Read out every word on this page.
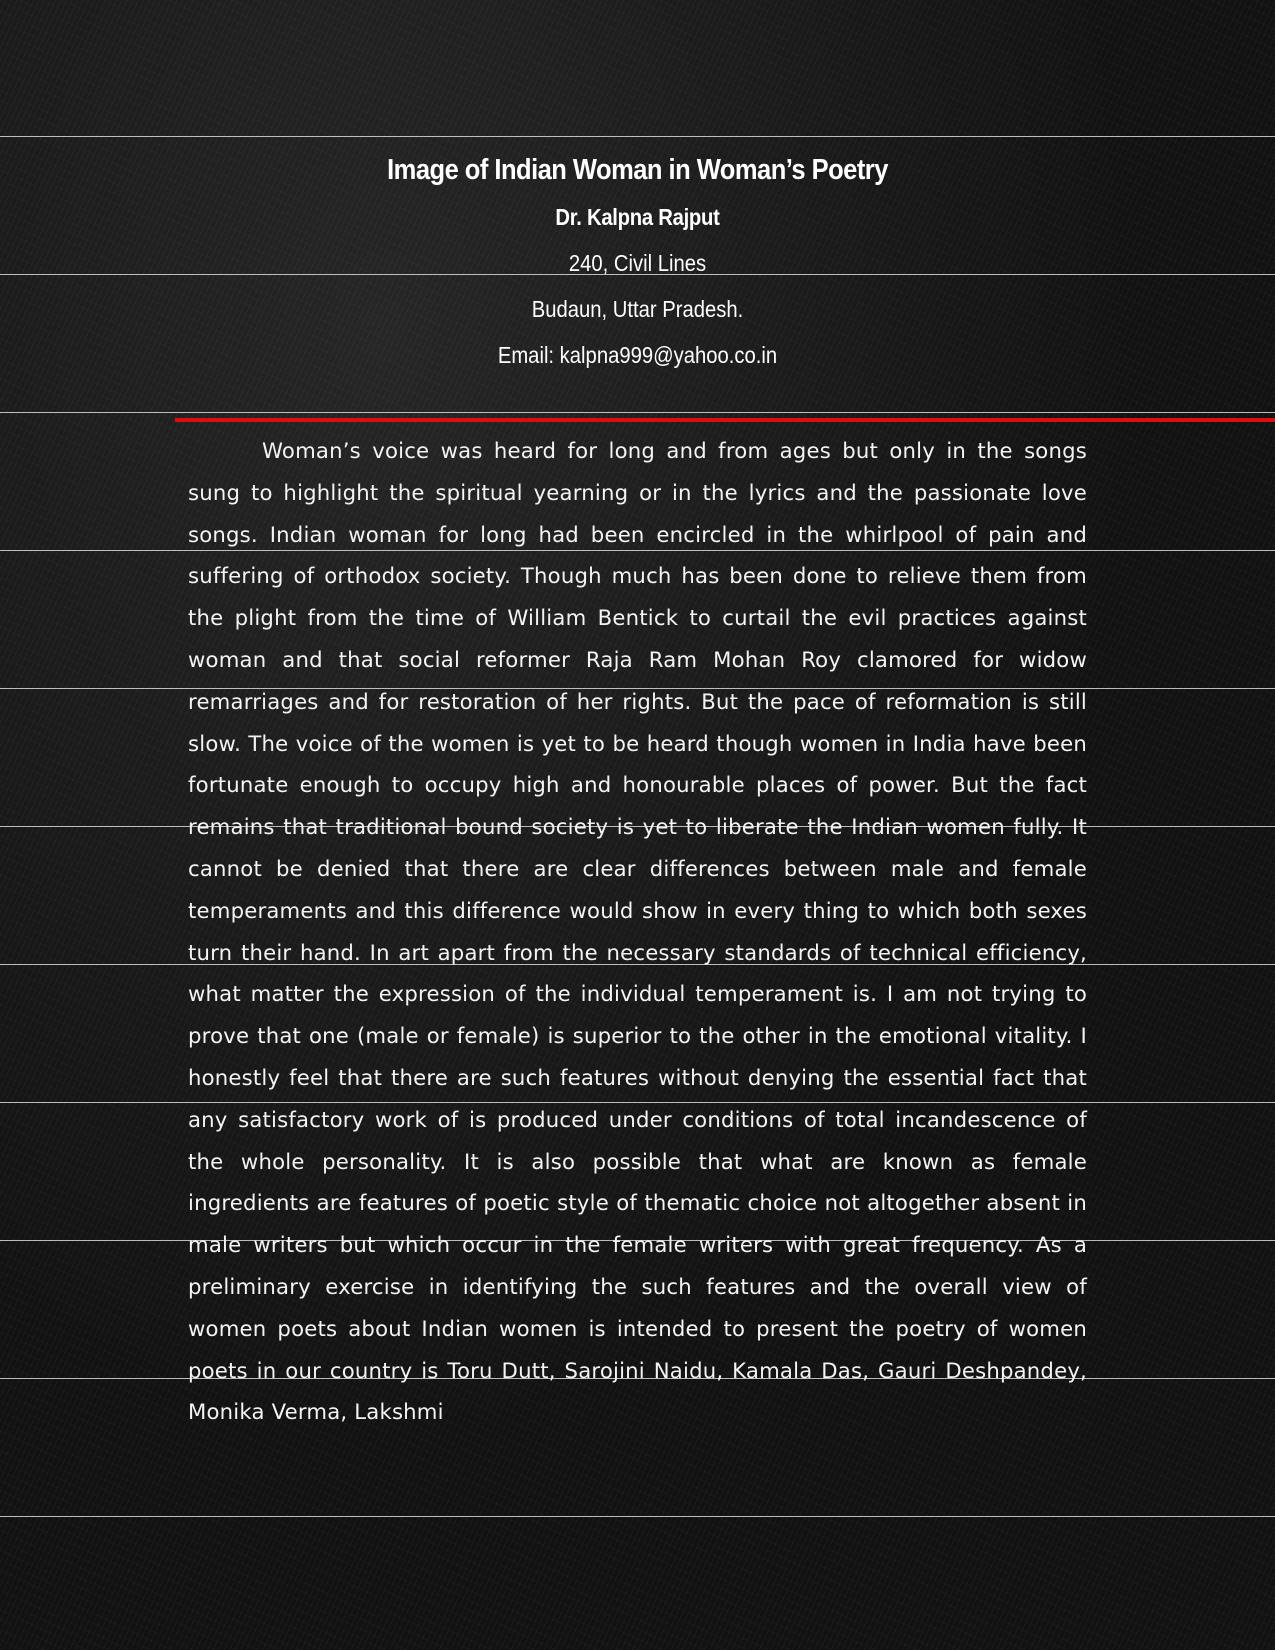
Image of Indian Woman in Woman’s Poetry

Dr. Kalpna Rajput

240, Civil Lines

Budaun, Uttar Pradesh.

Email: kalpna999@yahoo.co.in

Woman’s voice was heard for long and from ages but only in the songs sung to highlight the spiritual yearning or in the lyrics and the passionate love songs. Indian woman for long had been encircled in the whirlpool of pain and suffering of orthodox society. Though much has been done to relieve them from the plight from the time of William Bentick to curtail the evil practices against woman and that social reformer Raja Ram Mohan Roy clamored for widow remarriages and for restoration of her rights. But the pace of reformation is still slow. The voice of the women is yet to be heard though women in India have been fortunate enough to occupy high and honourable places of power. But the fact remains that traditional bound society is yet to liberate the Indian women fully. It cannot be denied that there are clear differences between male and female temperaments and this difference would show in every thing to which both sexes turn their hand. In art apart from the necessary standards of technical efficiency, what matter the expression of the individual temperament is. I am not trying to prove that one (male or female) is superior to the other in the emotional vitality. I honestly feel that there are such features without denying the essential fact that any satisfactory work of is produced under conditions of total incandescence of the whole personality. It is also possible that what are known as female ingredients are features of poetic style of thematic choice not altogether absent in male writers but which occur in the female writers with great frequency. As a preliminary exercise in identifying the such features and the overall view of women poets about Indian women is intended to present the poetry of women poets in our country is Toru Dutt, Sarojini Naidu, Kamala Das, Gauri Deshpandey, Monika Verma, Lakshmi
